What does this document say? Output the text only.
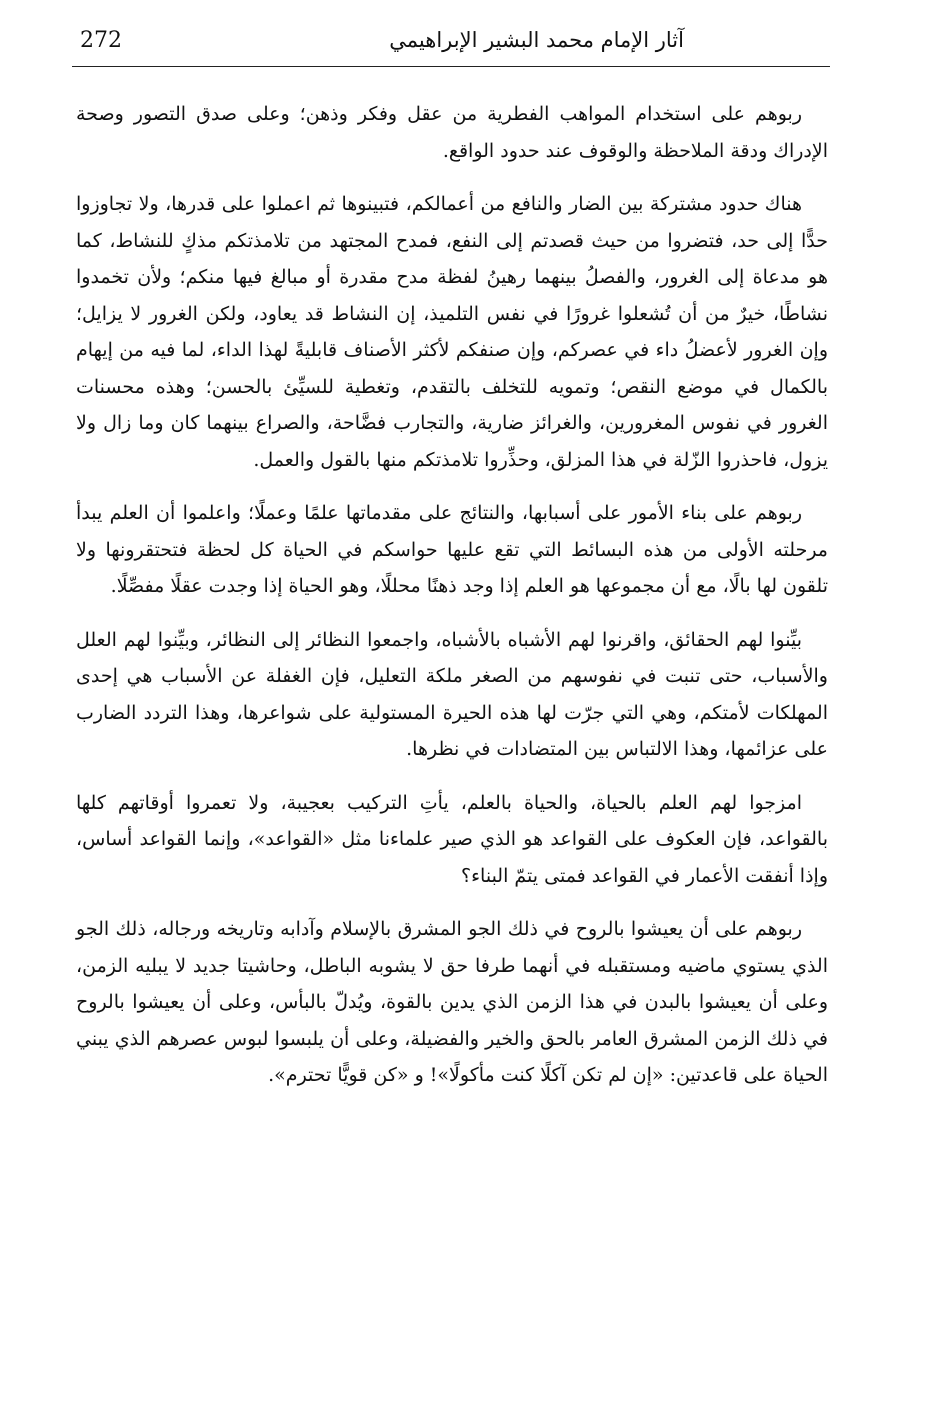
272	آثار الإمام محمد البشير الإبراهيمي

ربوهم على استخدام المواهب الفطرية من عقل وفكر وذهن؛ وعلى صدق التصور وصحة الإدراك ودقة الملاحظة والوقوف عند حدود الواقع.

هناك حدود مشتركة بين الضار والنافع من أعمالكم، فتبينوها ثم اعملوا على قدرها، ولا تجاوزوا حدًّا إلى حد، فتضروا من حيث قصدتم إلى النفع، فمدح المجتهد من تلامذتكم مذكٍ للنشاط، كما هو مدعاة إلى الغرور، والفصلُ بينهما رهينُ لفظة مدح مقدرة أو مبالغ فيها منكم؛ ولأن تخمدوا نشاطًا، خيرٌ من أن تُشعلوا غرورًا في نفس التلميذ، إن النشاط قد يعاود، ولكن الغرور لا يزايل؛ وإن الغرور لأعضلُ داء في عصركم، وإن صنفكم لأكثر الأصناف قابليةً لهذا الداء، لما فيه من إيهام بالكمال في موضع النقص؛ وتمويه للتخلف بالتقدم، وتغطية للسيِّئ بالحسن؛ وهذه محسنات الغرور في نفوس المغرورين، والغرائز ضارية، والتجارب فضَّاحة، والصراع بينهما كان وما زال ولا يزول، فاحذروا الزّلة في هذا المزلق، وحذِّروا تلامذتكم منها بالقول والعمل.

ربوهم على بناء الأمور على أسبابها، والنتائج على مقدماتها علمًا وعملًا؛ واعلموا أن العلم يبدأ مرحلته الأولى من هذه البسائط التي تقع عليها حواسكم في الحياة كل لحظة فتحتقرونها ولا تلقون لها بالًا، مع أن مجموعها هو العلم إذا وجد ذهنًا محللًا، وهو الحياة إذا وجدت عقلًا مفصِّلًا.

بيِّنوا لهم الحقائق، واقرنوا لهم الأشباه بالأشباه، واجمعوا النظائر إلى النظائر، وبيِّنوا لهم العلل والأسباب، حتى تنبت في نفوسهم من الصغر ملكة التعليل، فإن الغفلة عن الأسباب هي إحدى المهلكات لأمتكم، وهي التي جرّت لها هذه الحيرة المستولية على شواعرها، وهذا التردد الضارب على عزائمها، وهذا الالتباس بين المتضادات في نظرها.

امزجوا لهم العلم بالحياة، والحياة بالعلم، يأتِ التركيب بعجيبة، ولا تعمروا أوقاتهم كلها بالقواعد، فإن العكوف على القواعد هو الذي صير علماءنا مثل «القواعد»، وإنما القواعد أساس، وإذا أنفقت الأعمار في القواعد فمتى يتمّ البناء؟

ربوهم على أن يعيشوا بالروح في ذلك الجو المشرق بالإسلام وآدابه وتاريخه ورجاله، ذلك الجو الذي يستوي ماضيه ومستقبله في أنهما طرفا حق لا يشوبه الباطل، وحاشيتا جديد لا يبليه الزمن، وعلى أن يعيشوا بالبدن في هذا الزمن الذي يدين بالقوة، ويُدلّ بالبأس، وعلى أن يعيشوا بالروح في ذلك الزمن المشرق العامر بالحق والخير والفضيلة، وعلى أن يلبسوا لبوس عصرهم الذي يبني الحياة على قاعدتين: «إن لم تكن آكلًا كنت مأكولًا»! و «كن قويًّا تحترم».
